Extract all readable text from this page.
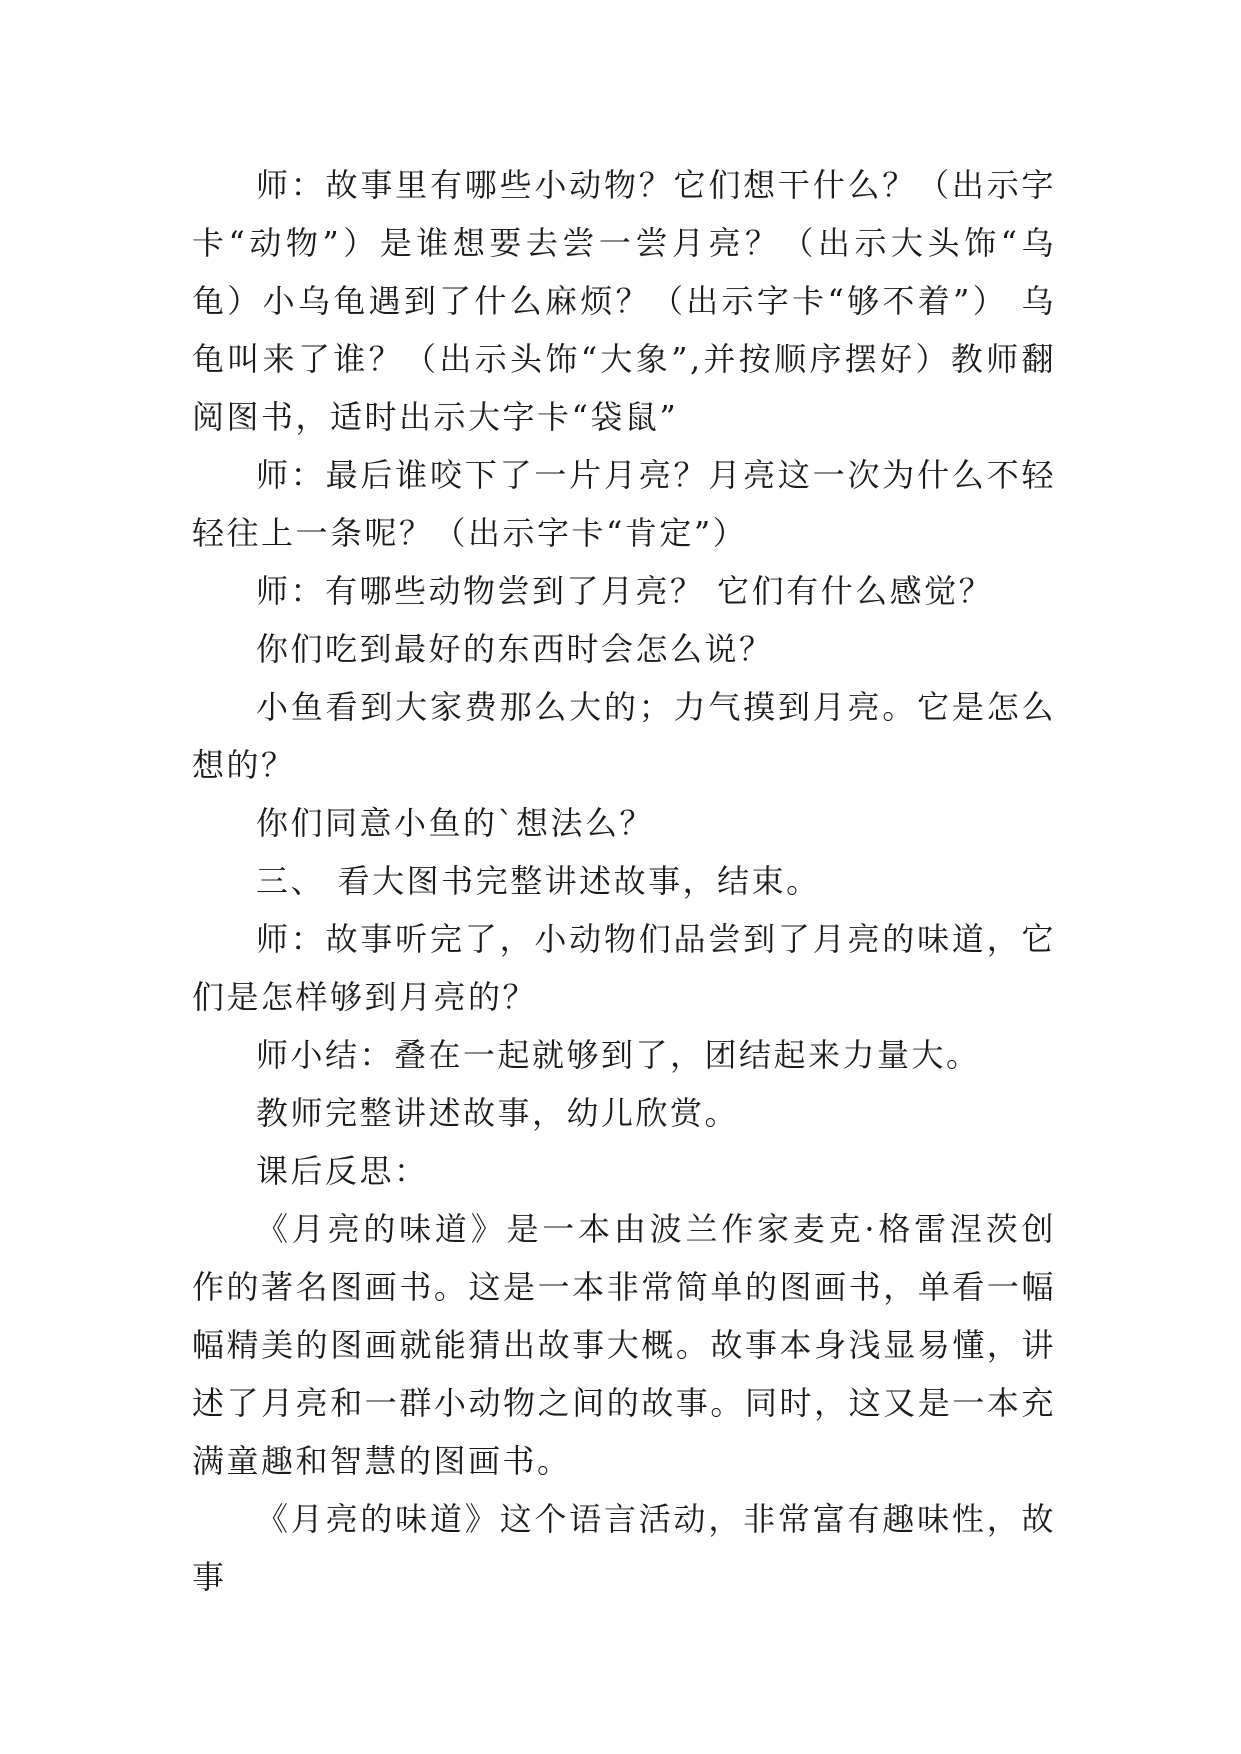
师：故事里有哪些小动物？它们想干什么？（出示字卡“动物”）是谁想要去尝一尝月亮？（出示大头饰“乌龟）小乌龟遇到了什么麻烦？（出示字卡“够不着”） 乌龟叫来了谁？（出示头饰“大象”,并按顺序摆好）教师翻阅图书，适时出示大字卡“袋鼠”

师：最后谁咬下了一片月亮？月亮这一次为什么不轻轻往上一条呢？（出示字卡“肯定”）

师：有哪些动物尝到了月亮？ 它们有什么感觉？

你们吃到最好的东西时会怎么说？

小鱼看到大家费那么大的；力气摸到月亮。它是怎么想的？

你们同意小鱼的`想法么？

三、 看大图书完整讲述故事，结束。

师：故事听完了，小动物们品尝到了月亮的味道，它们是怎样够到月亮的？

师小结：叠在一起就够到了，团结起来力量大。

教师完整讲述故事，幼儿欣赏。

课后反思：

《月亮的味道》是一本由波兰作家麦克·格雷涅茨创作的著名图画书。这是一本非常简单的图画书，单看一幅幅精美的图画就能猜出故事大概。故事本身浅显易懂，讲述了月亮和一群小动物之间的故事。同时，这又是一本充满童趣和智慧的图画书。

《月亮的味道》这个语言活动，非常富有趣味性，故事
